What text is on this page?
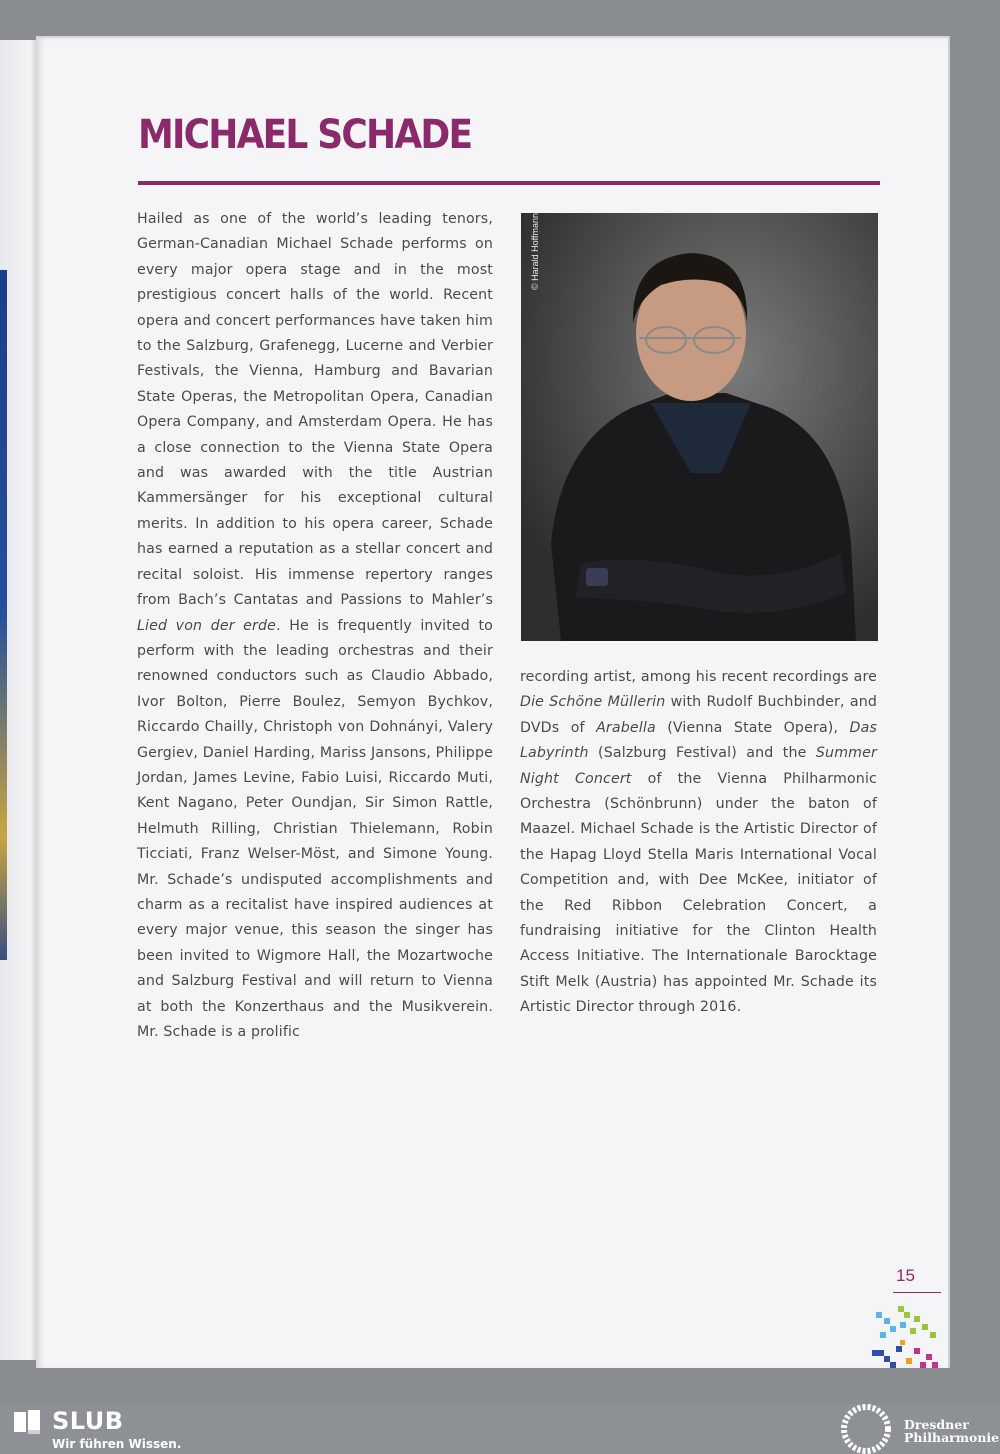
MICHAEL SCHADE

Hailed as one of the world’s leading tenors, German-Canadian Michael Schade performs on every major opera stage and in the most prestigious concert halls of the world. Recent opera and concert performances have taken him to the Salzburg, Grafenegg, Lucerne and Verbier Festivals, the Vienna, Hamburg and Bavarian State Operas, the Metropolitan Opera, Canadian Opera Company, and Amsterdam Opera. He has a close connection to the Vienna State Opera and was awarded with the title Austrian Kammersänger for his exceptional cultural merits. In addition to his opera career, Schade has earned a reputation as a stellar concert and recital soloist. His immense repertory ranges from Bach’s Cantatas and Passions to Mahler’s Lied von der erde. He is frequently invited to perform with the leading orchestras and their renowned conductors such as Claudio Abbado, Ivor Bolton, Pierre Boulez, Semyon Bychkov, Riccardo Chailly, Christoph von Dohnányi, Valery Gergiev, Daniel Harding, Mariss Jansons, Philippe Jordan, James Levine, Fabio Luisi, Riccardo Muti, Kent Nagano, Peter Oundjan, Sir Simon Rattle, Helmuth Rilling, Christian Thielemann, Robin Ticciati, Franz Welser-Möst, and Simone Young. Mr. Schade’s undisputed accomplishments and charm as a recitalist have inspired audiences at every major venue, this season the singer has been invited to Wigmore Hall, the Mozartwoche and Salzburg Festival and will return to Vienna at both the Konzerthaus and the Musikverein. Mr. Schade is a prolific

© Harald Hoffmann

recording artist, among his recent recordings are Die Schöne Müllerin with Rudolf Buchbinder, and DVDs of Arabella (Vienna State Opera), Das Labyrinth (Salzburg Festival) and the Summer Night Concert of the Vienna Philharmonic Orchestra (Schönbrunn) under the baton of Maazel. Michael Schade is the Artistic Director of the Hapag Lloyd Stella Maris International Vocal Competition and, with Dee McKee, initiator of the Red Ribbon Celebration Concert, a fundraising initiative for the Clinton Health Access Initiative. The Internationale Barocktage Stift Melk (Austria) has appointed Mr. Schade its Artistic Director through 2016.

15
SLUB
Wir führen Wissen.
Dresdner
Philharmonie
